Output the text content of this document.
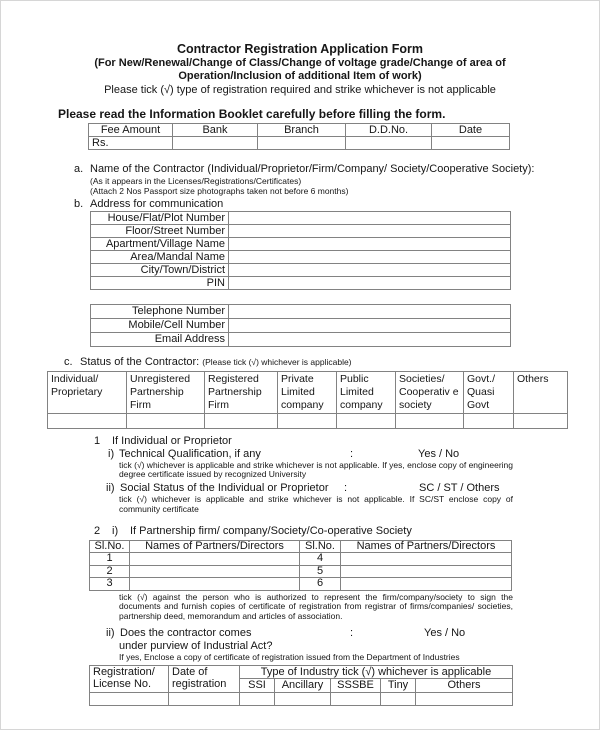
Contractor Registration Application Form
(For New/Renewal/Change of Class/Change of voltage grade/Change of area of Operation/Inclusion of additional Item of work)
Please tick (√) type of registration required and strike whichever is not applicable
Please read the Information Booklet carefully before filling the form.
Fee Amount	Bank	Branch	D.D.No.	Date
Rs.				
a. Name of the Contractor (Individual/Proprietor/Firm/Company/ Society/Cooperative Society):
(As it appears in the Licenses/Registrations/Certificates)
(Attach 2 Nos Passport size photographs taken not before 6 months)
b. Address for communication
House/Flat/Plot Number	
Floor/Street Number	
Apartment/Village Name	
Area/Mandal Name	
City/Town/District	
PIN	
Telephone Number	
Mobile/Cell Number	
Email Address	
c. Status of the Contractor: (Please tick (√) whichever is applicable)
Individual/ Proprietary	Unregistered Partnership Firm	Registered Partnership Firm	Private Limited company	Public Limited company	Societies/ Cooperativ e society	Govt./ Quasi Govt	Others

1 If Individual or Proprietor
i) Technical Qualification, if any	:	Yes / No
tick (√) whichever is applicable and strike whichever is not applicable. If yes, enclose copy of engineering degree certificate issued by recognized University
ii) Social Status of the Individual or Proprietor :	SC / ST / Others
tick (√) whichever is applicable and strike whichever is not applicable. If SC/ST enclose copy of community certificate
2 i) If Partnership firm/ company/Society/Co-operative Society
Sl.No.	Names of Partners/Directors	Sl.No.	Names of Partners/Directors
1		4	
2		5	
3		6	
tick (√) against the person who is authorized to represent the firm/company/society to sign the documents and furnish copies of certificate of registration from registrar of firms/companies/ societies, partnership deed, memorandum and articles of association.
ii) Does the contractor comes	:	Yes / No
under purview of Industrial Act?
If yes, Enclose a copy of certificate of registration issued from the Department of Industries
Registration/ License No.	Date of registration	Type of Industry tick (√) whichever is applicable				
		SSI	Ancillary	SSSBE	Tiny	Others
